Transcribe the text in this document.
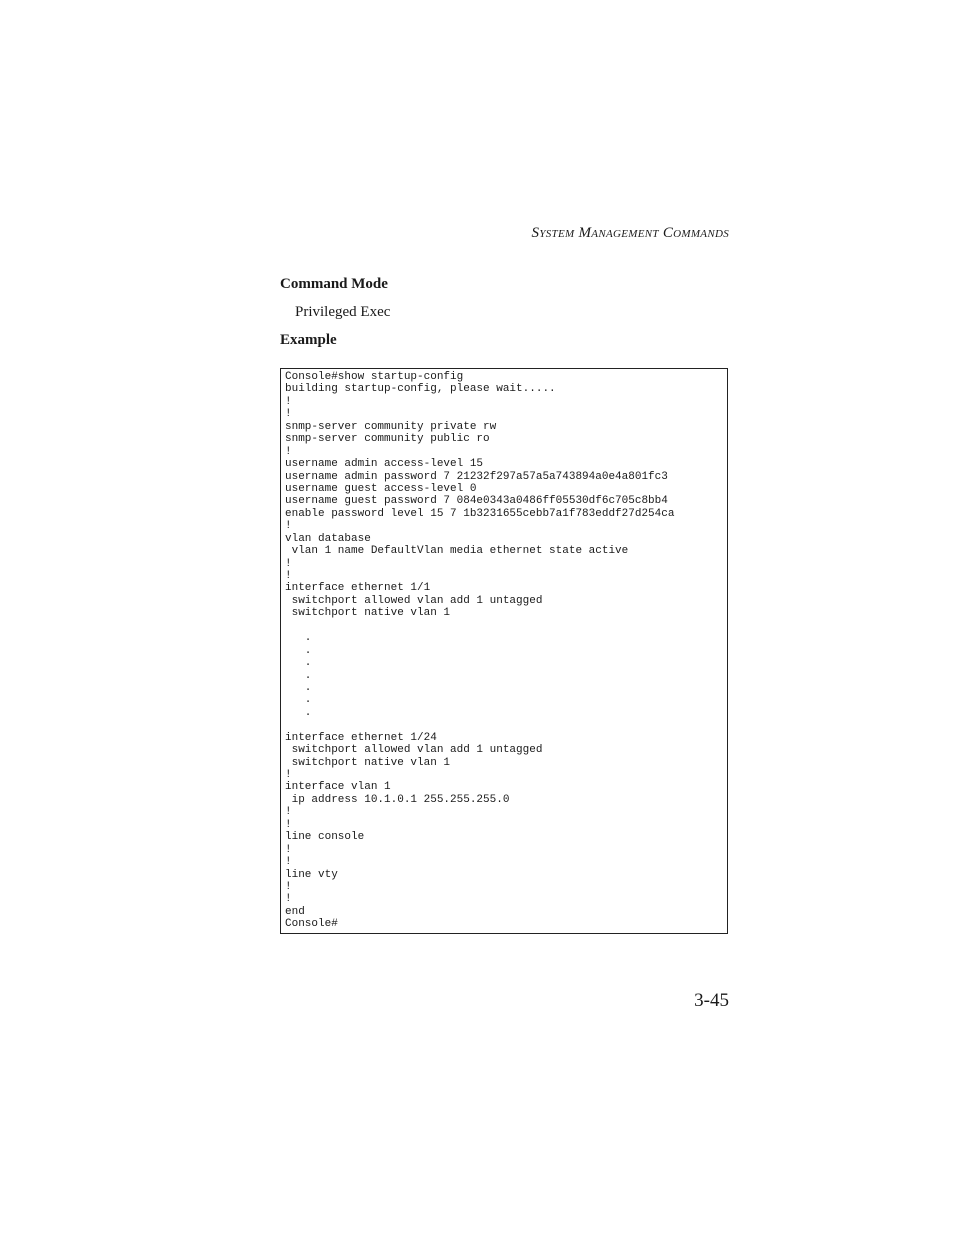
System Management Commands
Command Mode

Privileged Exec

Example
Console#show startup-config
building startup-config, please wait.....
!
!
snmp-server community private rw
snmp-server community public ro
!
username admin access-level 15
username admin password 7 21232f297a57a5a743894a0e4a801fc3
username guest access-level 0
username guest password 7 084e0343a0486ff05530df6c705c8bb4
enable password level 15 7 1b3231655cebb7a1f783eddf27d254ca
!
vlan database
vlan 1 name DefaultVlan media ethernet state active
!
!
interface ethernet 1/1
switchport allowed vlan add 1 untagged
switchport native vlan 1
.
.
.
.
.
.
.
interface ethernet 1/24
switchport allowed vlan add 1 untagged
switchport native vlan 1
!
interface vlan 1
ip address 10.1.0.1 255.255.255.0
!
!
line console
!
!
line vty
!
!
end
Console#
3-45
